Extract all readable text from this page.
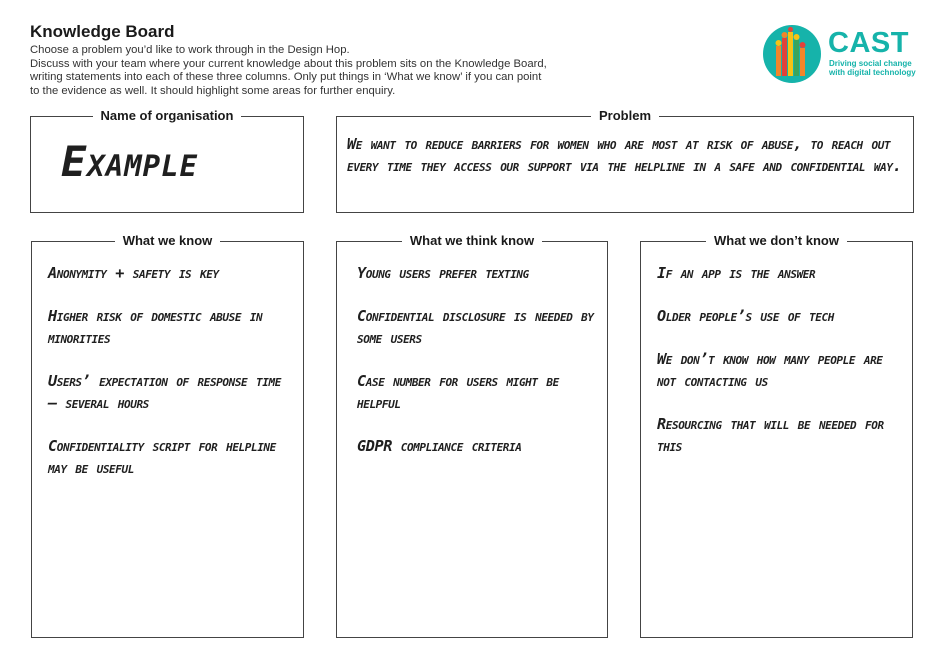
Knowledge Board

Choose a problem you’d like to work through in the Design Hop.

Discuss with your team where your current knowledge about this problem sits on the Knowledge Board, writing statements into each of these three columns. Only put things in ‘What we know’ if you can point to the evidence as well. It should highlight some areas for further enquiry.

CAST
Driving social change
with digital technology
Name of organisation
Example
Problem
We want to reduce barriers for women who are most at risk of abuse, to reach out every time they access our support via the helpline in a safe and confidential way.
What we know
Anonymity + safety is key
Higher risk of domestic abuse in minorities
Users’ expectation of response time – several hours
Confidentiality script for helpline may be useful
What we think know
Young users prefer texting
Confidential disclosure is needed by some users
Case number for users might be helpful
GDPR compliance criteria
What we don’t know
If an app is the answer
Older people’s use of tech
We don’t know how many people are not contacting us
Resourcing that will be needed for this
